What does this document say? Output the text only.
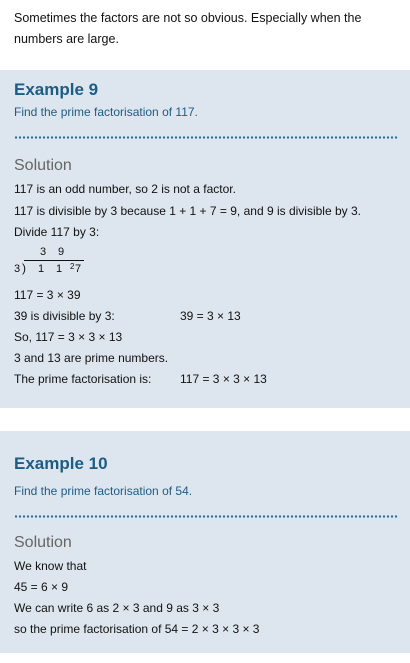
Sometimes the factors are not so obvious. Especially when the numbers are large.
Example 9
Find the prime factorisation of 117.
Solution
117 is an odd number, so 2 is not a factor.
117 is divisible by 3 because 1 + 1 + 7 = 9, and 9 is divisible by 3.
Divide 117 by 3:
3 9
3 ) 1 1 2 7
117 = 3 × 39
39 is divisible by 3:	39 = 3 × 13
So, 117 = 3 × 3 × 13
3 and 13 are prime numbers.
The prime factorisation is: 117 = 3 × 3 × 13
Example 10
Find the prime factorisation of 54.
Solution
We know that
45 = 6 × 9
We can write 6 as 2 × 3 and 9 as 3 × 3
so the prime factorisation of 54 = 2 × 3 × 3 × 3
